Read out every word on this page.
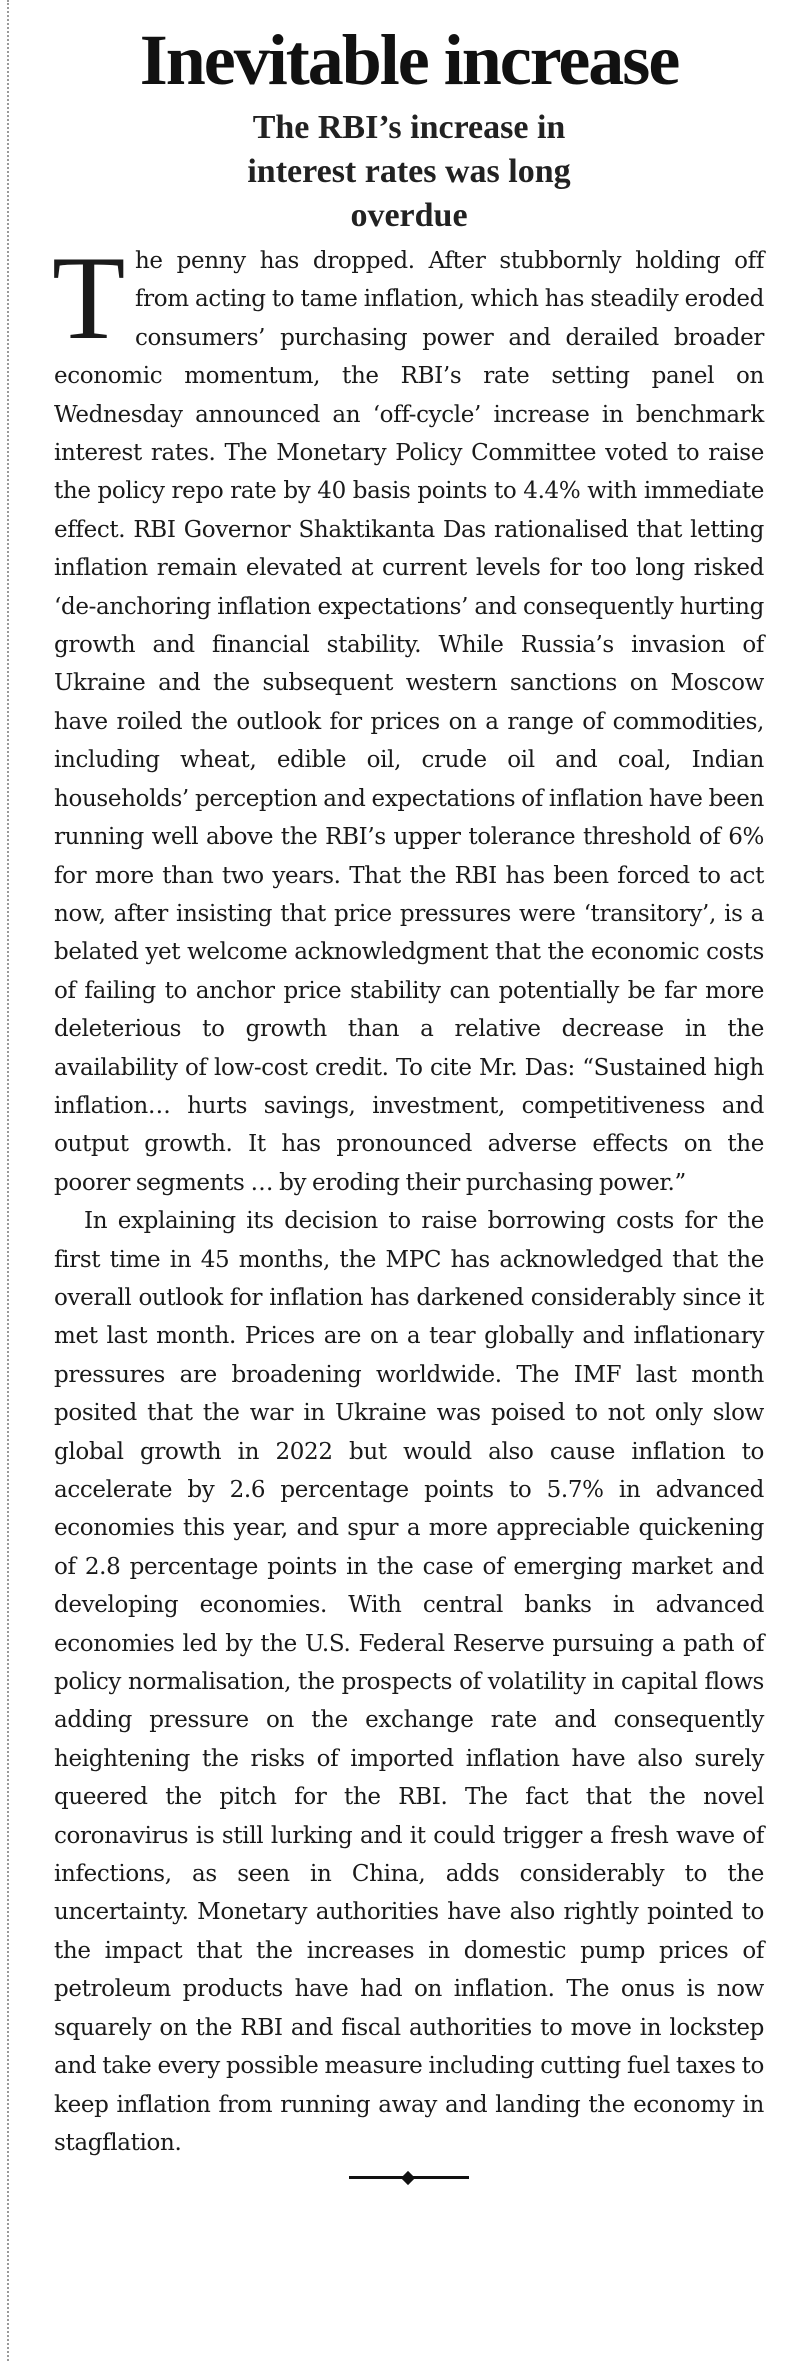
Inevitable increase
The RBI’s increase in interest rates was long overdue

The penny has dropped. After stubbornly holding off from acting to tame inflation, which has steadily eroded consumers’ purchasing power and derailed broader economic momentum, the RBI’s rate setting panel on Wednesday announced an ‘off-cycle’ increase in benchmark interest rates. The Monetary Policy Committee voted to raise the policy repo rate by 40 basis points to 4.4% with immediate effect. RBI Governor Shaktikanta Das rationalised that letting inflation remain elevated at current levels for too long risked ‘de-anchoring inflation expectations’ and consequently hurting growth and financial stability. While Russia’s invasion of Ukraine and the subsequent western sanctions on Moscow have roiled the outlook for prices on a range of commodities, including wheat, edible oil, crude oil and coal, Indian households’ perception and expectations of inflation have been running well above the RBI’s upper tolerance threshold of 6% for more than two years. That the RBI has been forced to act now, after insisting that price pressures were ‘transitory’, is a belated yet welcome acknowledgment that the economic costs of failing to anchor price stability can potentially be far more deleterious to growth than a relative decrease in the availability of low-cost credit. To cite Mr. Das: “Sustained high inflation… hurts savings, investment, competitiveness and output growth. It has pronounced adverse effects on the poorer segments … by eroding their purchasing power.”

In explaining its decision to raise borrowing costs for the first time in 45 months, the MPC has acknowledged that the overall outlook for inflation has darkened considerably since it met last month. Prices are on a tear globally and inflationary pressures are broadening worldwide. The IMF last month posited that the war in Ukraine was poised to not only slow global growth in 2022 but would also cause inflation to accelerate by 2.6 percentage points to 5.7% in advanced economies this year, and spur a more appreciable quickening of 2.8 percentage points in the case of emerging market and developing economies. With central banks in advanced economies led by the U.S. Federal Reserve pursuing a path of policy normalisation, the prospects of volatility in capital flows adding pressure on the exchange rate and consequently heightening the risks of imported inflation have also surely queered the pitch for the RBI. The fact that the novel coronavirus is still lurking and it could trigger a fresh wave of infections, as seen in China, adds considerably to the uncertainty. Monetary authorities have also rightly pointed to the impact that the increases in domestic pump prices of petroleum products have had on inflation. The onus is now squarely on the RBI and fiscal authorities to move in lockstep and take every possible measure including cutting fuel taxes to keep inflation from running away and landing the economy in stagflation.
